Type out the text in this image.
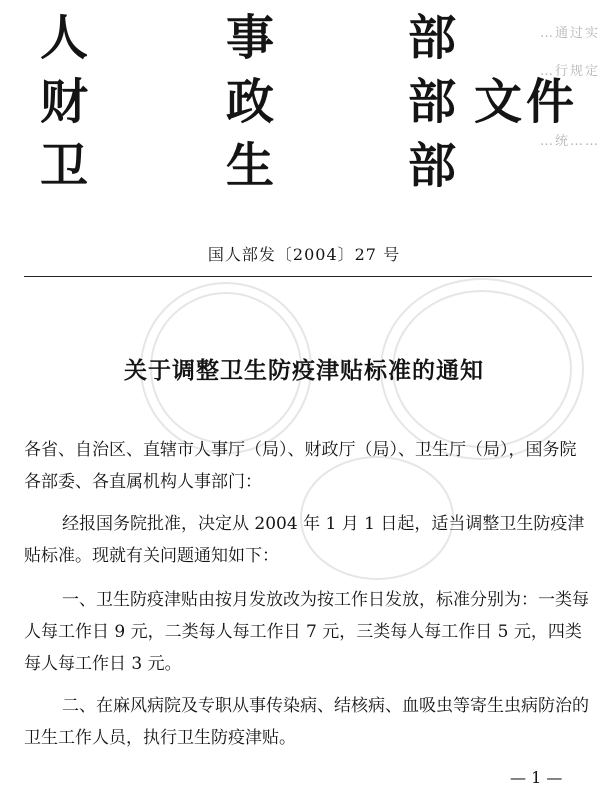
…通过实
…行规定
…统……
人
财
卫
事
政
生
部
部
部
文件
国人部发〔2004〕27 号
关于调整卫生防疫津贴标准的通知
各省、自治区、直辖市人事厅（局）、财政厅（局）、卫生厅（局），国务院各部委、各直属机构人事部门：
经报国务院批准，决定从 2004 年 1 月 1 日起，适当调整卫生防疫津贴标准。现就有关问题通知如下：
一、卫生防疫津贴由按月发放改为按工作日发放，标准分别为：一类每人每工作日 9 元，二类每人每工作日 7 元，三类每人每工作日 5 元，四类每人每工作日 3 元。
二、在麻风病院及专职从事传染病、结核病、血吸虫等寄生虫病防治的卫生工作人员，执行卫生防疫津贴。
— 1 —
